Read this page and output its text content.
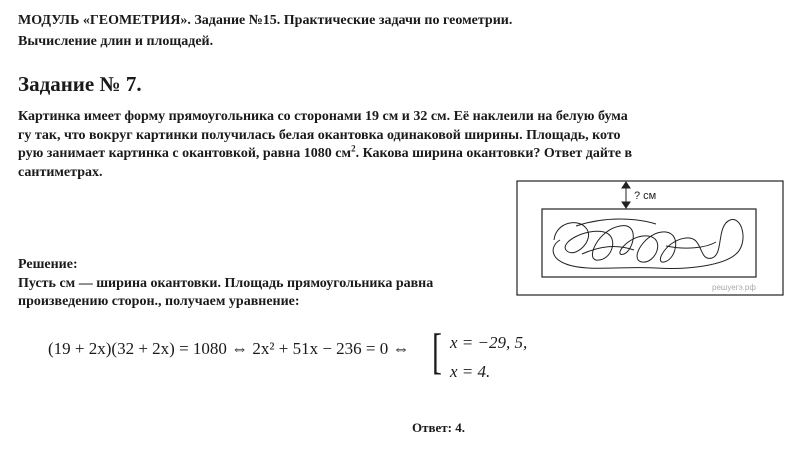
МОДУЛЬ «ГЕОМЕТРИЯ». Задание №15. Практические задачи по геометрии.
Вычисление длин и площадей.
Задание № 7.
Картинка имеет форму прямоугольника со сторонами 19 см и 32 см. Её наклеили на белую бума
гу так, что вокруг картинки получилась белая окантовка одинаковой ширины. Площадь, кото
рую занимает картинка с окантовкой, равна 1080 $см^2$. Какова ширина окантовки? Ответ дайте в
сантиметрах.
? см
решуегэ.рф
Решение:
Пусть см — ширина окантовки. Площадь прямоугольника равна
произведению сторон., получаем уравнение:
(19 + 2x)(32 + 2x) = 1080 ⇔ 2x² + 51x − 236 = 0 ⇔ [ x = −29, 5,
x = 4.
Ответ: 4.
